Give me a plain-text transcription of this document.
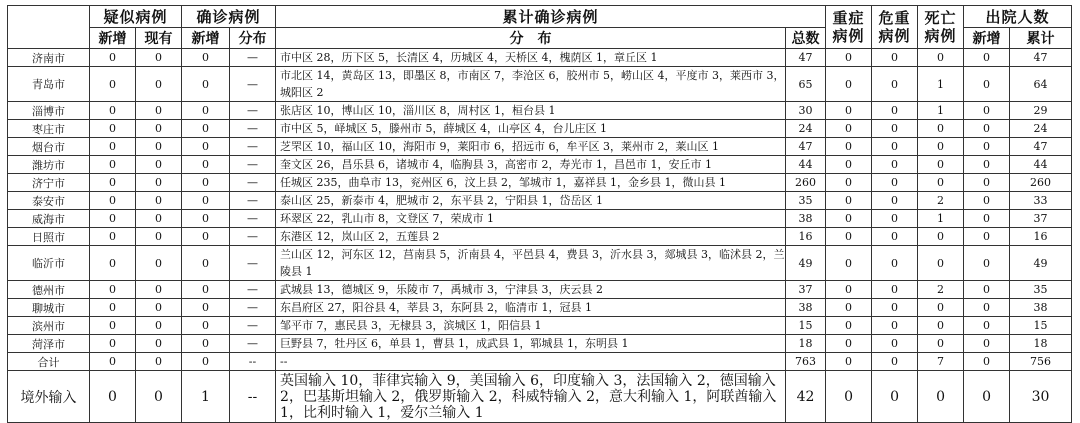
	疑似病例		确诊病例		累计确诊病例		重症病例	危重病例	死亡病例	出院人数	
	新增	现有	新增	分布	分　布	总数				新增	累计
济南市	0	0	0	—	市中区 28，历下区 5，长清区 4，历城区 4，天桥区 4，槐荫区 1，章丘区 1	47	0	0	0	0	47
青岛市	0	0	0	—	市北区 14，黄岛区 13，即墨区 8，市南区 7，李沧区 6，胶州市 5，崂山区 4，平度市 3，莱西市 3，城阳区 2	65	0	0	1	0	64
淄博市	0	0	0	—	张店区 10，博山区 10，淄川区 8，周村区 1，桓台县 1	30	0	0	1	0	29
枣庄市	0	0	0	—	市中区 5，峄城区 5，滕州市 5，薛城区 4，山亭区 4，台儿庄区 1	24	0	0	0	0	24
烟台市	0	0	0	—	芝罘区 10，福山区 10，海阳市 9，莱阳市 6，招远市 6，牟平区 3，莱州市 2，莱山区 1	47	0	0	0	0	47
潍坊市	0	0	0	—	奎文区 26，昌乐县 6，诸城市 4，临朐县 3，高密市 2，寿光市 1，昌邑市 1，安丘市 1	44	0	0	0	0	44
济宁市	0	0	0	—	任城区 235，曲阜市 13，兖州区 6，汶上县 2，邹城市 1，嘉祥县 1，金乡县 1，微山县 1	260	0	0	0	0	260
泰安市	0	0	0	—	泰山区 25，新泰市 4，肥城市 2，东平县 2，宁阳县 1，岱岳区 1	35	0	0	2	0	33
威海市	0	0	0	—	环翠区 22，乳山市 8，文登区 7，荣成市 1	38	0	0	1	0	37
日照市	0	0	0	—	东港区 12，岚山区 2，五莲县 2	16	0	0	0	0	16
临沂市	0	0	0	—	兰山区 12，河东区 12，莒南县 5，沂南县 4，平邑县 4，费县 3，沂水县 3，郯城县 3，临沭县 2，兰陵县 1	49	0	0	0	0	49
德州市	0	0	0	—	武城县 13，德城区 9，乐陵市 7，禹城市 3，宁津县 3，庆云县 2	37	0	0	2	0	35
聊城市	0	0	0	—	东昌府区 27，阳谷县 4，莘县 3，东阿县 2，临清市 1，冠县 1	38	0	0	0	0	38
滨州市	0	0	0	—	邹平市 7，惠民县 3，无棣县 3，滨城区 1，阳信县 1	15	0	0	0	0	15
菏泽市	0	0	0	—	巨野县 7，牡丹区 6，单县 1，曹县 1，成武县 1，郓城县 1，东明县 1	18	0	0	0	0	18
合计	0	0	0	--	--	763	0	0	7	0	756
境外输入	0	0	1	--	英国输入 10，菲律宾输入 9，美国输入 6，印度输入 3，法国输入 2，德国输入 2，巴基斯坦输入 2，俄罗斯输入 2，科威特输入 2，意大利输入 1，阿联酋输入 1，比利时输入 1，爱尔兰输入 1	42	0	0	0	0	30
